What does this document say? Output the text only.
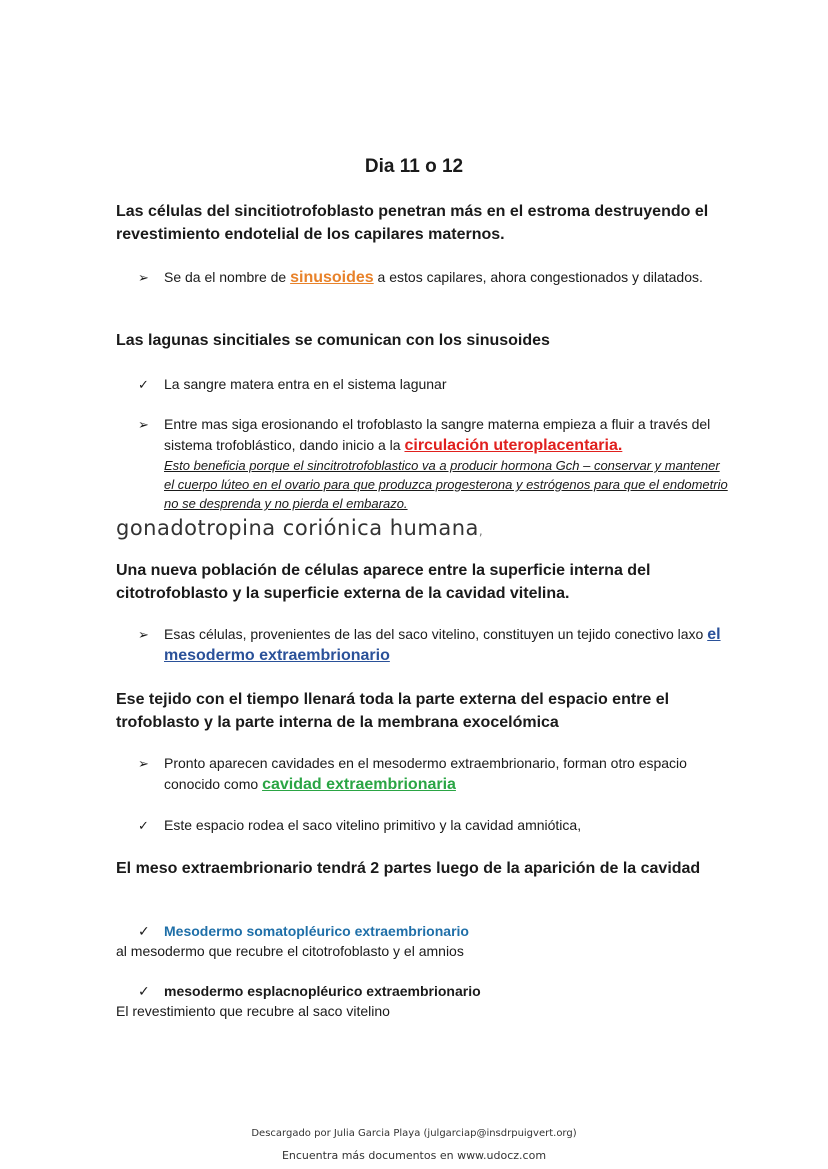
Dia 11 o 12

Las células del sincitiotrofoblasto penetran más en el estroma destruyendo el revestimiento endotelial de los capilares maternos.

➢	Se da el nombre de sinusoides a estos capilares, ahora congestionados y dilatados.

Las lagunas sincitiales se comunican con los sinusoides

✓	La sangre matera entra en el sistema lagunar
➢	Entre mas siga erosionando el trofoblasto la sangre materna empieza a fluir a través del sistema trofoblástico, dando inicio a la circulación uteroplacentaria.
Esto beneficia porque el sincitrotrofoblastico va a producir hormona Gch – conservar y mantener el cuerpo lúteo en el ovario para que produzca progesterona y estrógenos para que el endometrio no se desprenda y no pierda el embarazo.
gonadotropina coriónica humana,

Una nueva población de células aparece entre la superficie interna del citotrofoblasto y la superficie externa de la cavidad vitelina.

➢	Esas células, provenientes de las del saco vitelino, constituyen un tejido conectivo laxo el mesodermo extraembrionario

Ese tejido con el tiempo llenará toda la parte externa del espacio entre el trofoblasto y la parte interna de la membrana exocelómica

➢	Pronto aparecen cavidades en el mesodermo extraembrionario, forman otro espacio conocido como cavidad extraembrionaria
✓	Este espacio rodea el saco vitelino primitivo y la cavidad amniótica,

El meso extraembrionario tendrá 2 partes luego de la aparición de la cavidad

✓ Mesodermo somatopléurico extraembrionario
al mesodermo que recubre el citotrofoblasto y el amnios
✓ mesodermo esplacnopléurico extraembrionario
El revestimiento que recubre al saco vitelino
Descargado por Julia Garcia Playa (julgarciap@insdrpuigvert.org)
Encuentra más documentos en www.udocz.com
